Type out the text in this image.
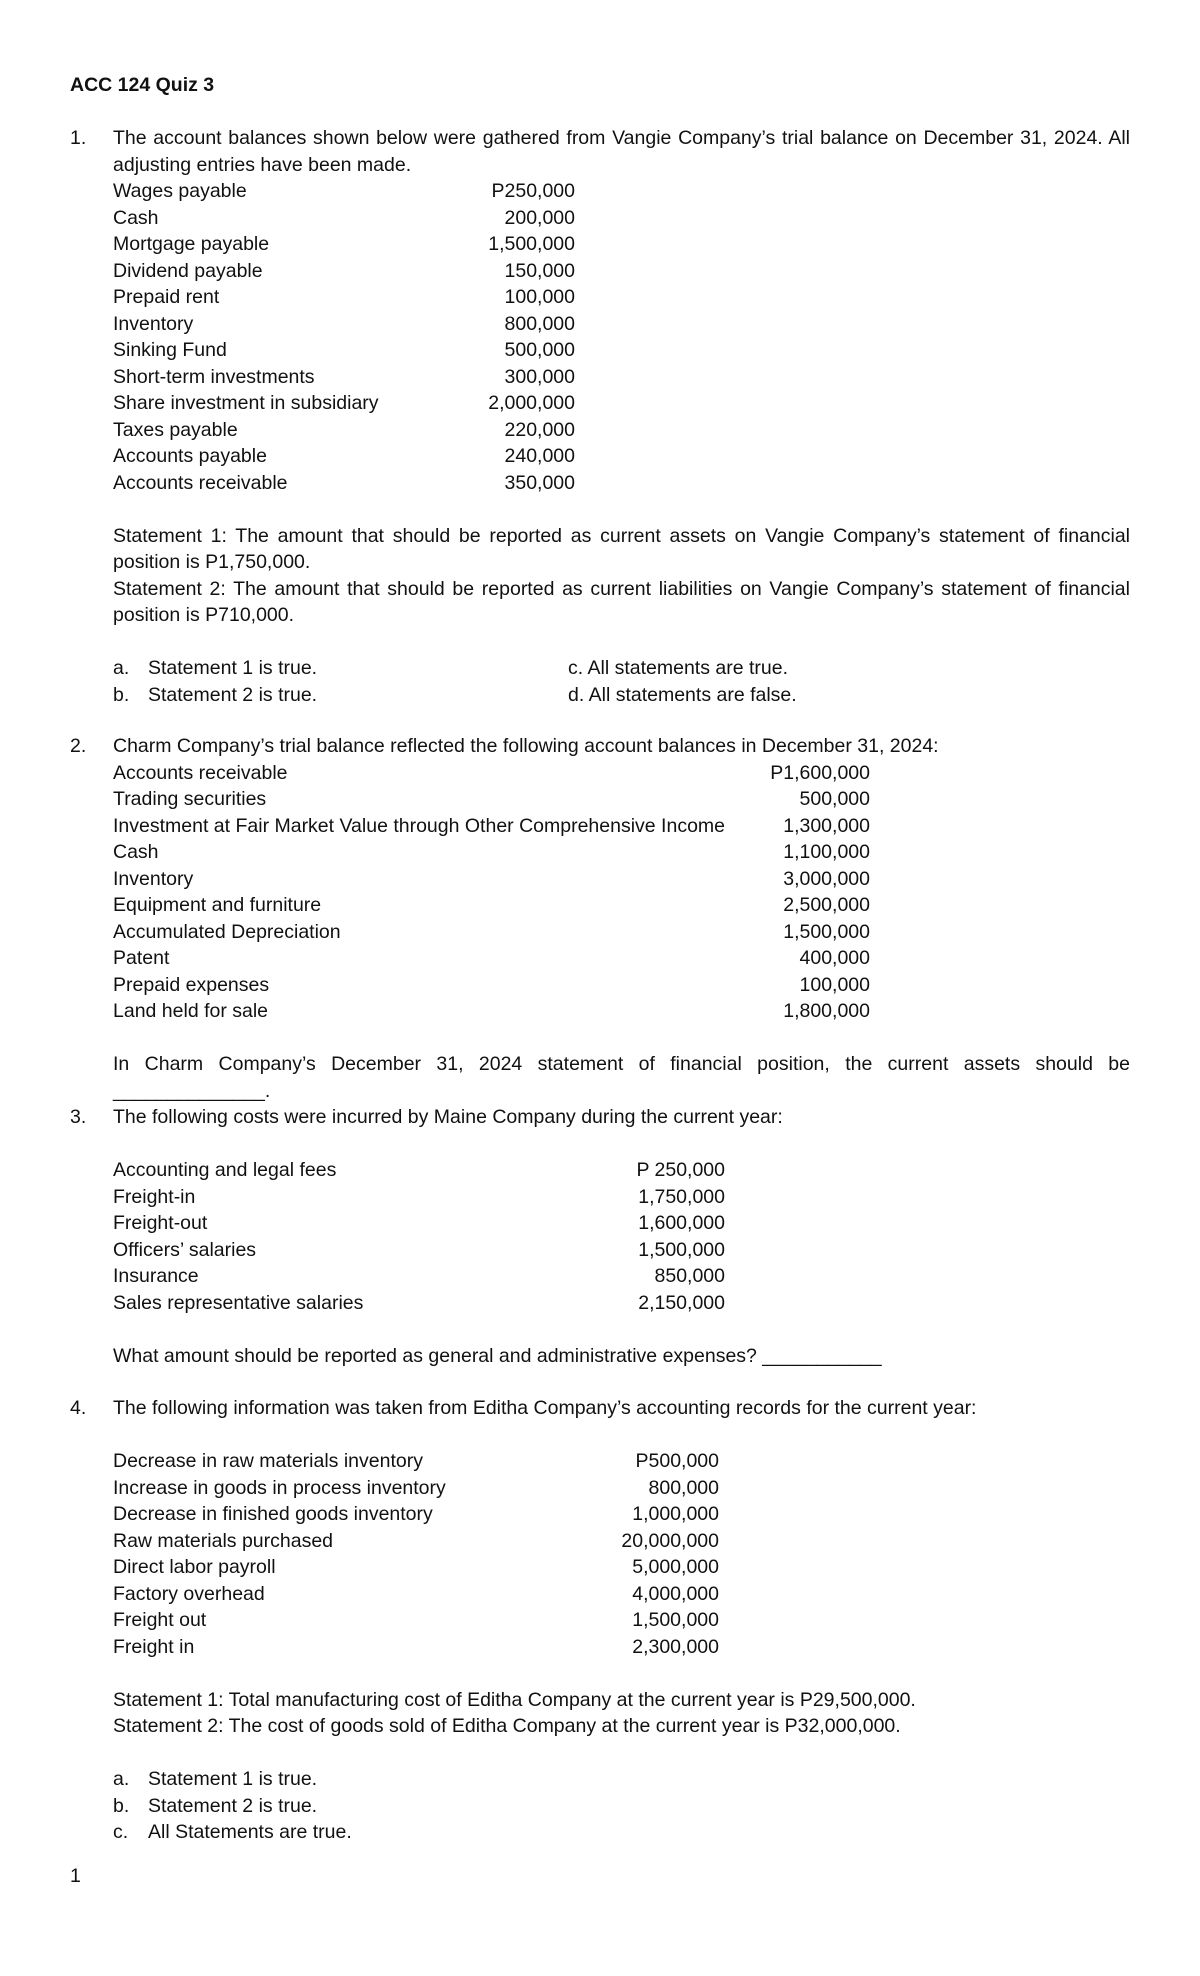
ACC 124 Quiz 3
1.	The account balances shown below were gathered from Vangie Company’s trial balance on December 31, 2024. All adjusting entries have been made.
Wages payable	P250,000
Cash	200,000
Mortgage payable	1,500,000
Dividend payable	150,000
Prepaid rent	100,000
Inventory	800,000
Sinking Fund	500,000
Short-term investments	300,000
Share investment in subsidiary	2,000,000
Taxes payable	220,000
Accounts payable	240,000
Accounts receivable	350,000
Statement 1: The amount that should be reported as current assets on Vangie Company’s statement of financial position is P1,750,000.
Statement 2: The amount that should be reported as current liabilities on Vangie Company’s statement of financial position is P710,000.
a. Statement 1 is true.
b. Statement 2 is true.
c. All statements are true.
d. All statements are false.
2.	Charm Company’s trial balance reflected the following account balances in December 31, 2024:
Accounts receivable	P1,600,000
Trading securities	500,000
Investment at Fair Market Value through Other Comprehensive Income	1,300,000
Cash	1,100,000
Inventory	3,000,000
Equipment and furniture	2,500,000
Accumulated Depreciation	1,500,000
Patent	400,000
Prepaid expenses	100,000
Land held for sale	1,800,000
In Charm Company’s December 31, 2024 statement of financial position, the current assets should be ______________.
3.	The following costs were incurred by Maine Company during the current year:
Accounting and legal fees	P 250,000
Freight-in	1,750,000
Freight-out	1,600,000
Officers’ salaries	1,500,000
Insurance	850,000
Sales representative salaries	2,150,000
What amount should be reported as general and administrative expenses? ___________
4.	The following information was taken from Editha Company’s accounting records for the current year:
Decrease in raw materials inventory	P500,000
Increase in goods in process inventory	800,000
Decrease in finished goods inventory	1,000,000
Raw materials purchased	20,000,000
Direct labor payroll	5,000,000
Factory overhead	4,000,000
Freight out	1,500,000
Freight in	2,300,000
Statement 1: Total manufacturing cost of Editha Company at the current year is P29,500,000.
Statement 2: The cost of goods sold of Editha Company at the current year is P32,000,000.
a. Statement 1 is true.
b. Statement 2 is true.
c. All Statements are true.
1
